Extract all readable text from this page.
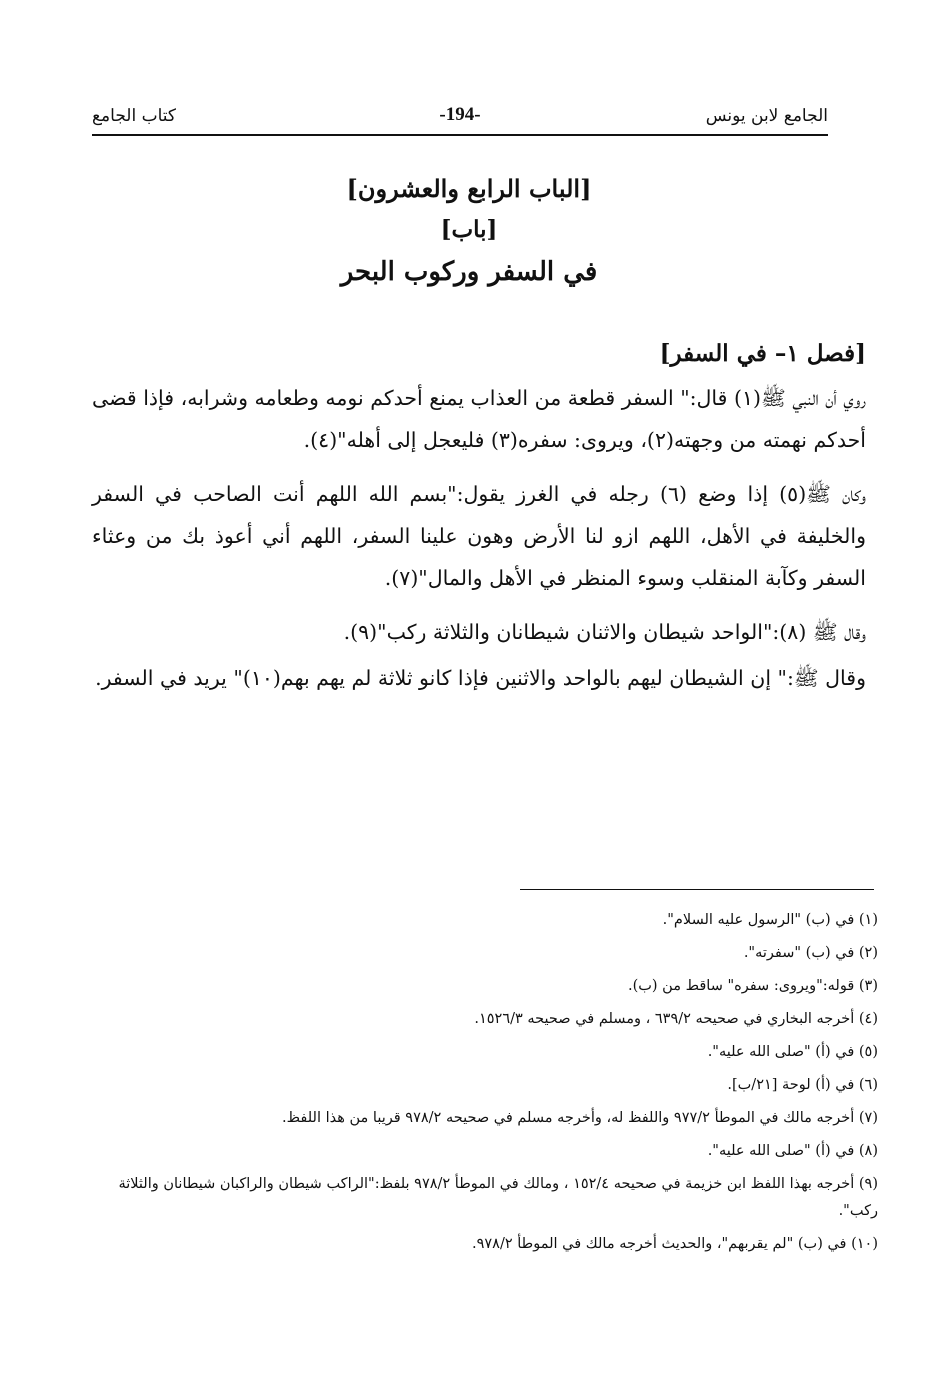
الجامع لابن يونس
-194-
كتاب الجامع
[الباب الرابع والعشرون]
[باب]
في السفر وركوب البحر
[فصل ١– في السفر]

روي أن النبي ﷺ(١) قال:" السفر قطعة من العذاب يمنع أحدكم نومه وطعامه وشرابه، فإذا قضى أحدكم نهمته من وجهته(٢)، ويروى: سفره(٣) فليعجل إلى أهله"(٤).

وكان ﷺ(٥) إذا وضع (٦) رجله في الغرز يقول:"بسم الله اللهم أنت الصاحب في السفر والخليفة في الأهل، اللهم ازو لنا الأرض وهون علينا السفر، اللهم أني أعوذ بك من وعثاء السفر وكآبة المنقلب وسوء المنظر في الأهل والمال"(٧).

وقال ﷺ (٨):"الواحد شيطان والاثنان شيطانان والثلاثة ركب"(٩).

وقال ﷺ:" إن الشيطان ليهم بالواحد والاثنين فإذا كانو ثلاثة لم يهم بهم(١٠)" يريد في السفر.

(١) في (ب) "الرسول عليه السلام".
(٢) في (ب) "سفرته".
(٣) قوله:"ويروى: سفره" ساقط من (ب).
(٤) أخرجه البخاري في صحيحه ٦٣٩/٢ ، ومسلم في صحيحه ١٥٢٦/٣.
(٥) في (أ) "صلى الله عليه".
(٦) في (أ) لوحة [٢١/ب].
(٧) أخرجه مالك في الموطأ ٩٧٧/٢ واللفظ له، وأخرجه مسلم في صحيحه ٩٧٨/٢ قريبا من هذا اللفظ.
(٨) في (أ) "صلى الله عليه".
(٩) أخرجه بهذا اللفظ ابن خزيمة في صحيحه ١٥٢/٤ ، ومالك في الموطأ ٩٧٨/٢ بلفظ:"الراكب شيطان والراكبان شيطانان والثلاثة ركب".
(١٠) في (ب) "لم يقربهم"، والحديث أخرجه مالك في الموطأ ٩٧٨/٢.
